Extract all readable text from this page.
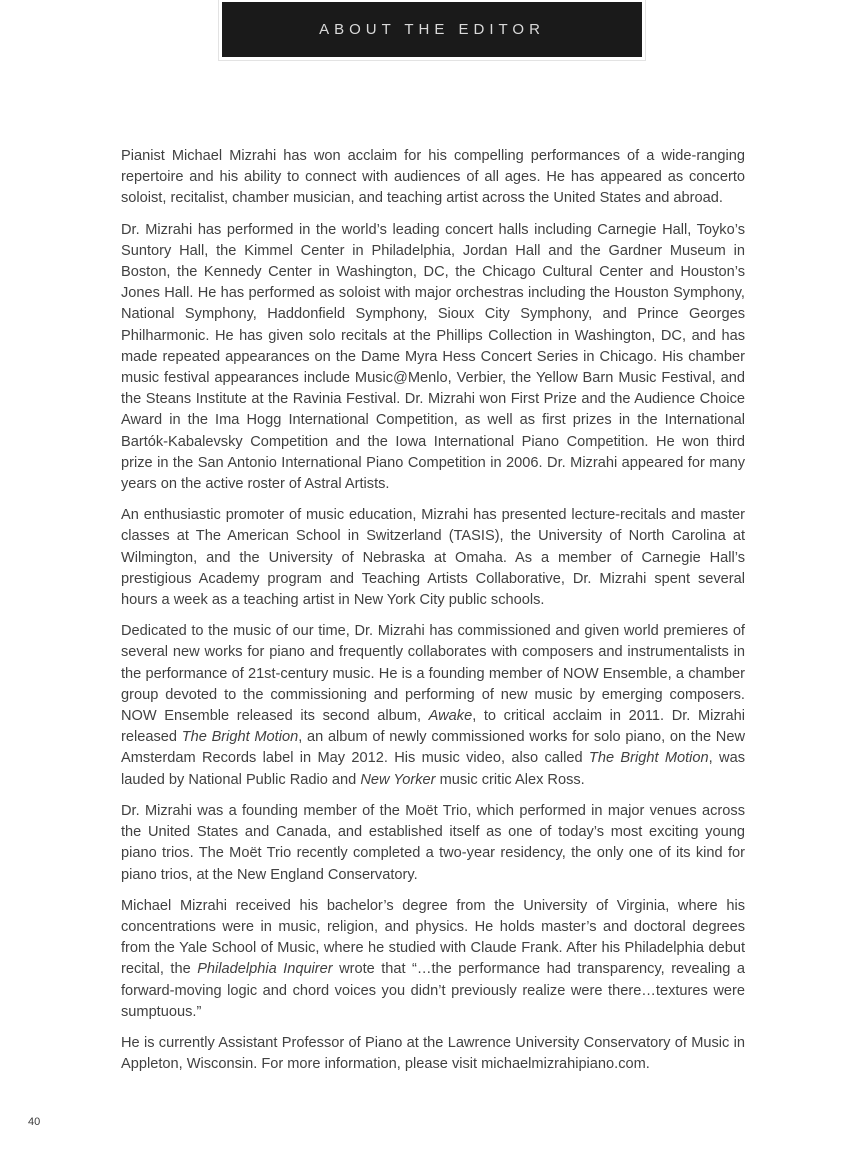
ABOUT THE EDITOR

Pianist Michael Mizrahi has won acclaim for his compelling performances of a wide-ranging repertoire and his ability to connect with audiences of all ages. He has appeared as concerto soloist, recitalist, chamber musician, and teaching artist across the United States and abroad.

Dr. Mizrahi has performed in the world’s leading concert halls including Carnegie Hall, Toyko’s Suntory Hall, the Kimmel Center in Philadelphia, Jordan Hall and the Gardner Museum in Boston, the Kennedy Center in Washington, DC, the Chicago Cultural Center and Houston’s Jones Hall. He has performed as soloist with major orchestras including the Houston Symphony, National Symphony, Haddonfield Symphony, Sioux City Symphony, and Prince Georges Philharmonic. He has given solo recitals at the Phillips Collection in Washington, DC, and has made repeated appearances on the Dame Myra Hess Concert Series in Chicago. His chamber music festival appearances include Music@Menlo, Verbier, the Yellow Barn Music Festival, and the Steans Institute at the Ravinia Festival. Dr. Mizrahi won First Prize and the Audience Choice Award in the Ima Hogg International Competition, as well as first prizes in the International Bartók-Kabalevsky Competition and the Iowa International Piano Competition. He won third prize in the San Antonio International Piano Competition in 2006. Dr. Mizrahi appeared for many years on the active roster of Astral Artists.

An enthusiastic promoter of music education, Mizrahi has presented lecture-recitals and master classes at The American School in Switzerland (TASIS), the University of North Carolina at Wilmington, and the University of Nebraska at Omaha. As a member of Carnegie Hall’s prestigious Academy program and Teaching Artists Collaborative, Dr. Mizrahi spent several hours a week as a teaching artist in New York City public schools.

Dedicated to the music of our time, Dr. Mizrahi has commissioned and given world premieres of several new works for piano and frequently collaborates with composers and instrumentalists in the performance of 21st-century music. He is a founding member of NOW Ensemble, a chamber group devoted to the commissioning and performing of new music by emerging composers. NOW Ensemble released its second album, Awake, to critical acclaim in 2011. Dr. Mizrahi released The Bright Motion, an album of newly commissioned works for solo piano, on the New Amsterdam Records label in May 2012. His music video, also called The Bright Motion, was lauded by National Public Radio and New Yorker music critic Alex Ross.

Dr. Mizrahi was a founding member of the Moët Trio, which performed in major venues across the United States and Canada, and established itself as one of today’s most exciting young piano trios. The Moët Trio recently completed a two-year residency, the only one of its kind for piano trios, at the New England Conservatory.

Michael Mizrahi received his bachelor’s degree from the University of Virginia, where his concentrations were in music, religion, and physics. He holds master’s and doctoral degrees from the Yale School of Music, where he studied with Claude Frank. After his Philadelphia debut recital, the Philadelphia Inquirer wrote that “…the performance had transparency, revealing a forward-moving logic and chord voices you didn’t previously realize were there…textures were sumptuous.”

He is currently Assistant Professor of Piano at the Lawrence University Conservatory of Music in Appleton, Wisconsin. For more information, please visit michaelmizrahipiano.com.

40
